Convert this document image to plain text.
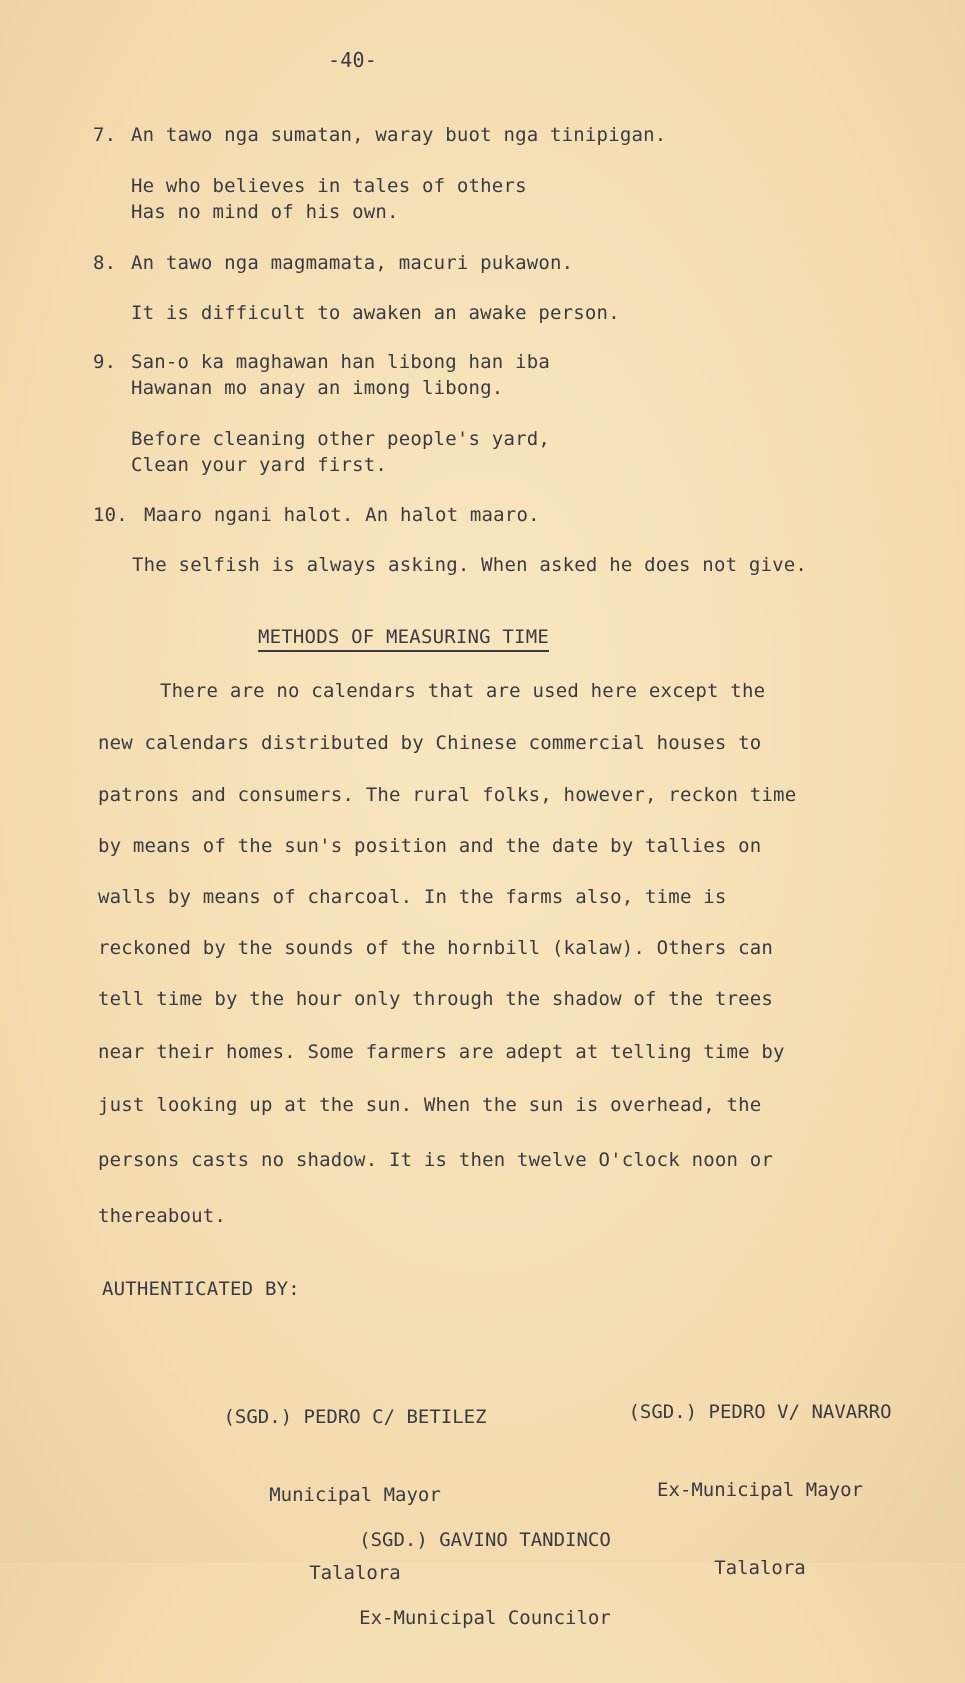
-40-
7. An tawo nga sumatan, waray buot nga tinipigan.
He who believes in tales of others
Has no mind of his own.
8. An tawo nga magmamata, macuri pukawon.
It is difficult to awaken an awake person.
9. San-o ka maghawan han libong han iba
Hawanan mo anay an imong libong.
Before cleaning other people's yard,
Clean your yard first.
10. Maaro ngani halot. An halot maaro.
The selfish is always asking. When asked he does not give.
METHODS OF MEASURING TIME
There are no calendars that are used here except the
new calendars distributed by Chinese commercial houses to
patrons and consumers. The rural folks, however, reckon time
by means of the sun's position and the date by tallies on
walls by means of charcoal. In the farms also, time is
reckoned by the sounds of the hornbill (kalaw). Others can
tell time by the hour only through the shadow of the trees
near their homes. Some farmers are adept at telling time by
just looking up at the sun. When the sun is overhead, the
persons casts no shadow. It is then twelve O'clock noon or
thereabout.
AUTHENTICATED BY:

(SGD.) PEDRO C/ BETILEZ

Municipal Mayor

Talalora

(SGD.) PEDRO V/ NAVARRO

Ex-Municipal Mayor

Talalora

(SGD.) GAVINO TANDINCO

Ex-Municipal Councilor
